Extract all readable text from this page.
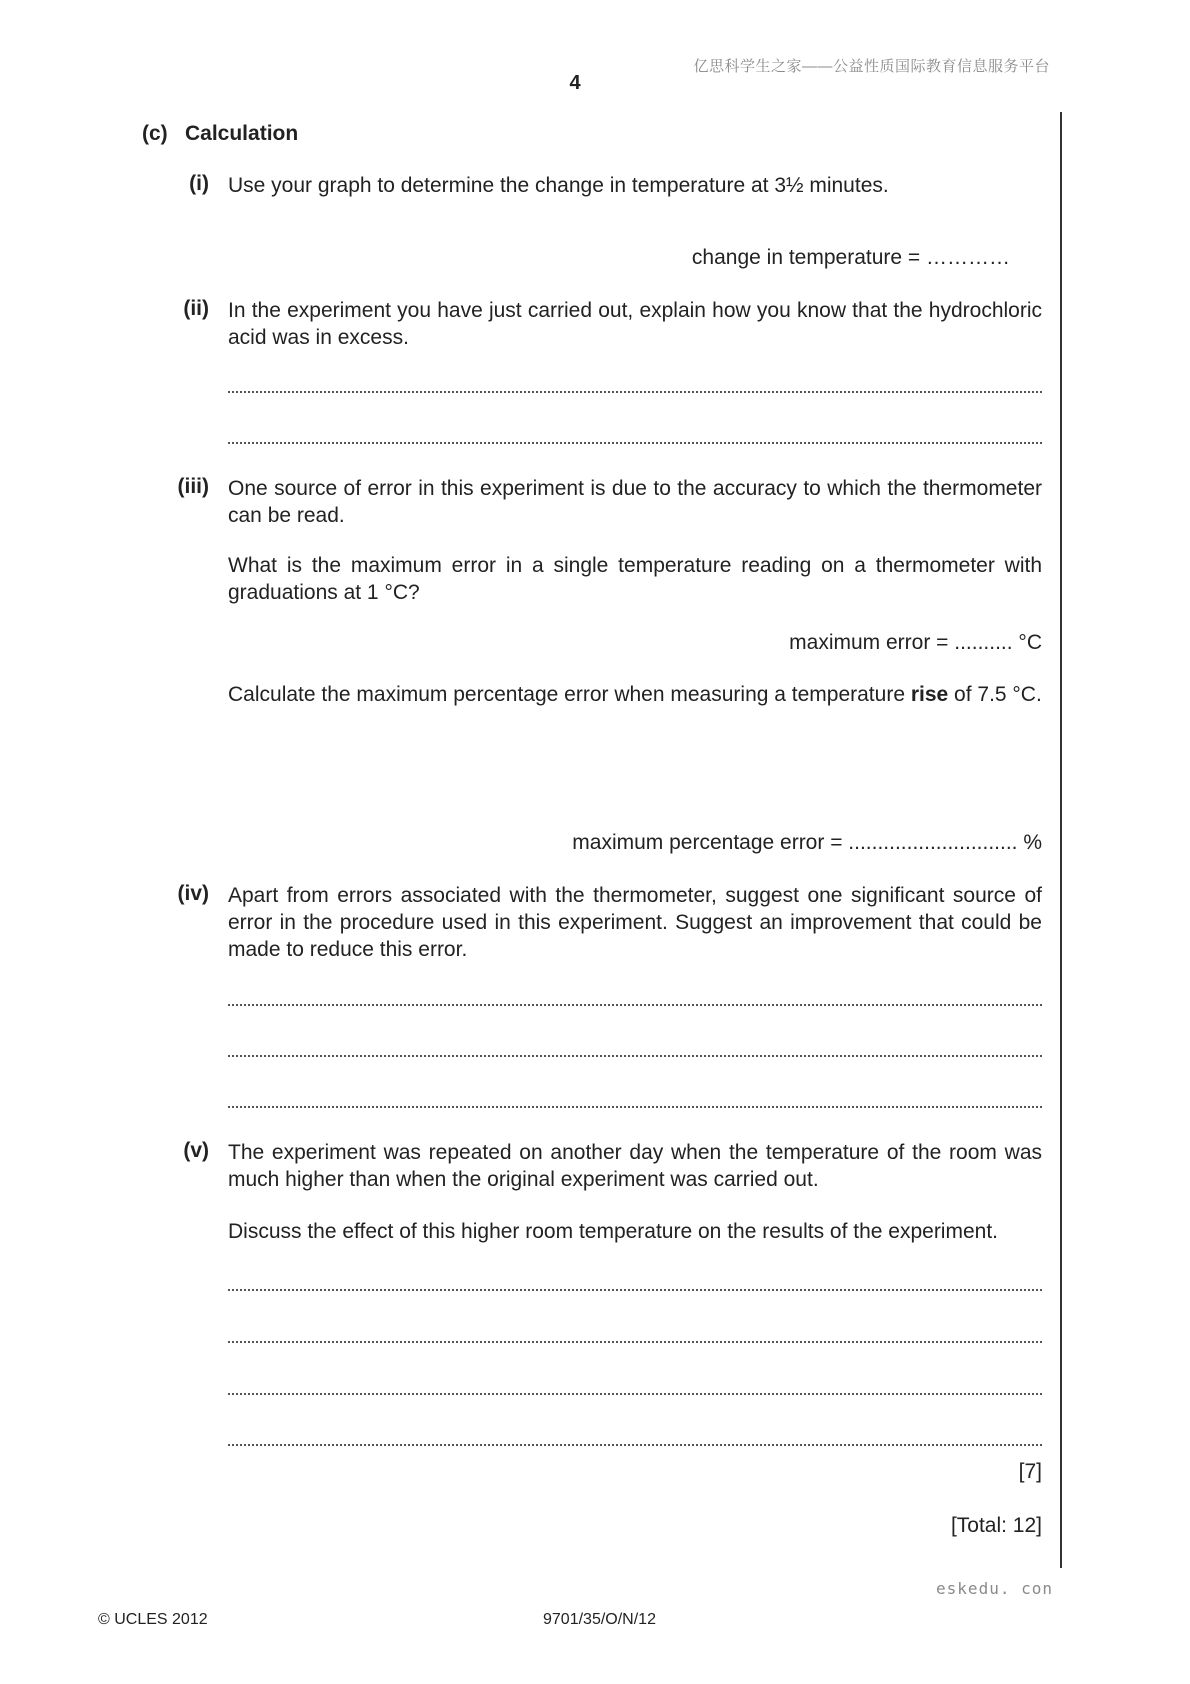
亿思科学生之家——公益性质国际教育信息服务平台
4
(c) Calculation
(i) Use your graph to determine the change in temperature at 3½ minutes.
change in temperature = …………
(ii) In the experiment you have just carried out, explain how you know that the hydrochloric acid was in excess.
(iii) One source of error in this experiment is due to the accuracy to which the thermometer can be read.
What is the maximum error in a single temperature reading on a thermometer with graduations at 1 °C?
maximum error = .......... °C
Calculate the maximum percentage error when measuring a temperature rise of 7.5 °C.
maximum percentage error = ............................. %
(iv) Apart from errors associated with the thermometer, suggest one significant source of error in the procedure used in this experiment. Suggest an improvement that could be made to reduce this error.
(v) The experiment was repeated on another day when the temperature of the room was much higher than when the original experiment was carried out.
Discuss the effect of this higher room temperature on the results of the experiment.
[7]
[Total: 12]
eskedu. con
© UCLES 2012	9701/35/O/N/12
